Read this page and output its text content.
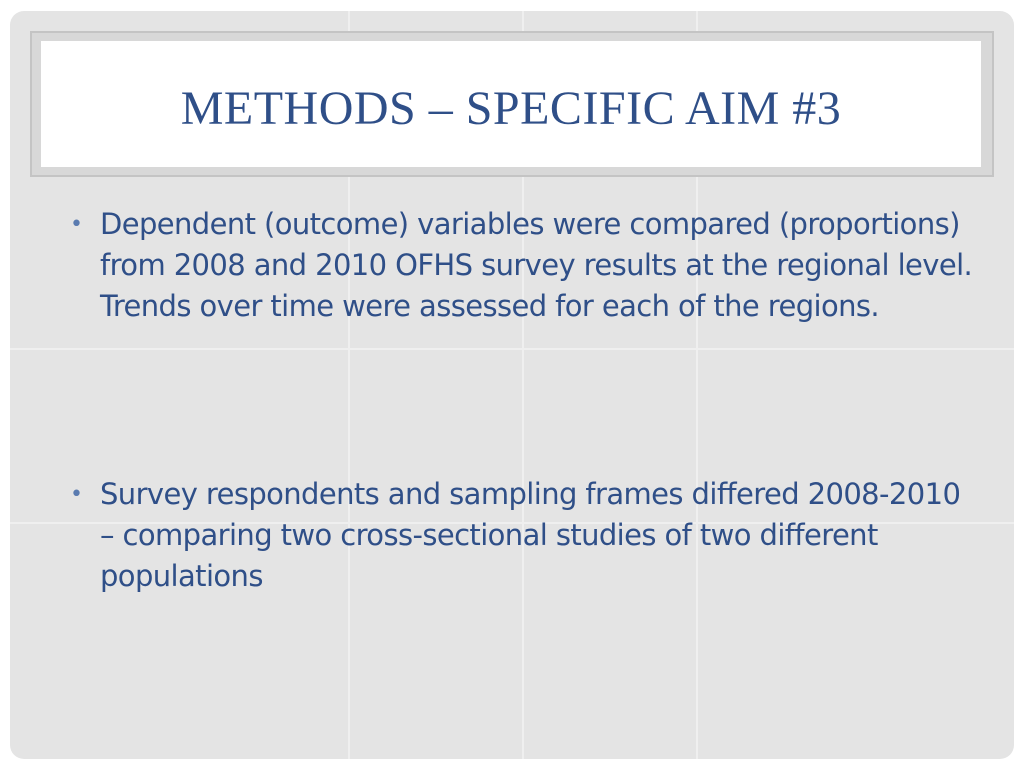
METHODS – SPECIFIC AIM #3
• Dependent (outcome) variables were compared (proportions) from 2008 and 2010 OFHS survey results at the regional level. Trends over time were assessed for each of the regions.
• Survey respondents and sampling frames differed 2008-2010 – comparing two cross-sectional studies of two different populations
